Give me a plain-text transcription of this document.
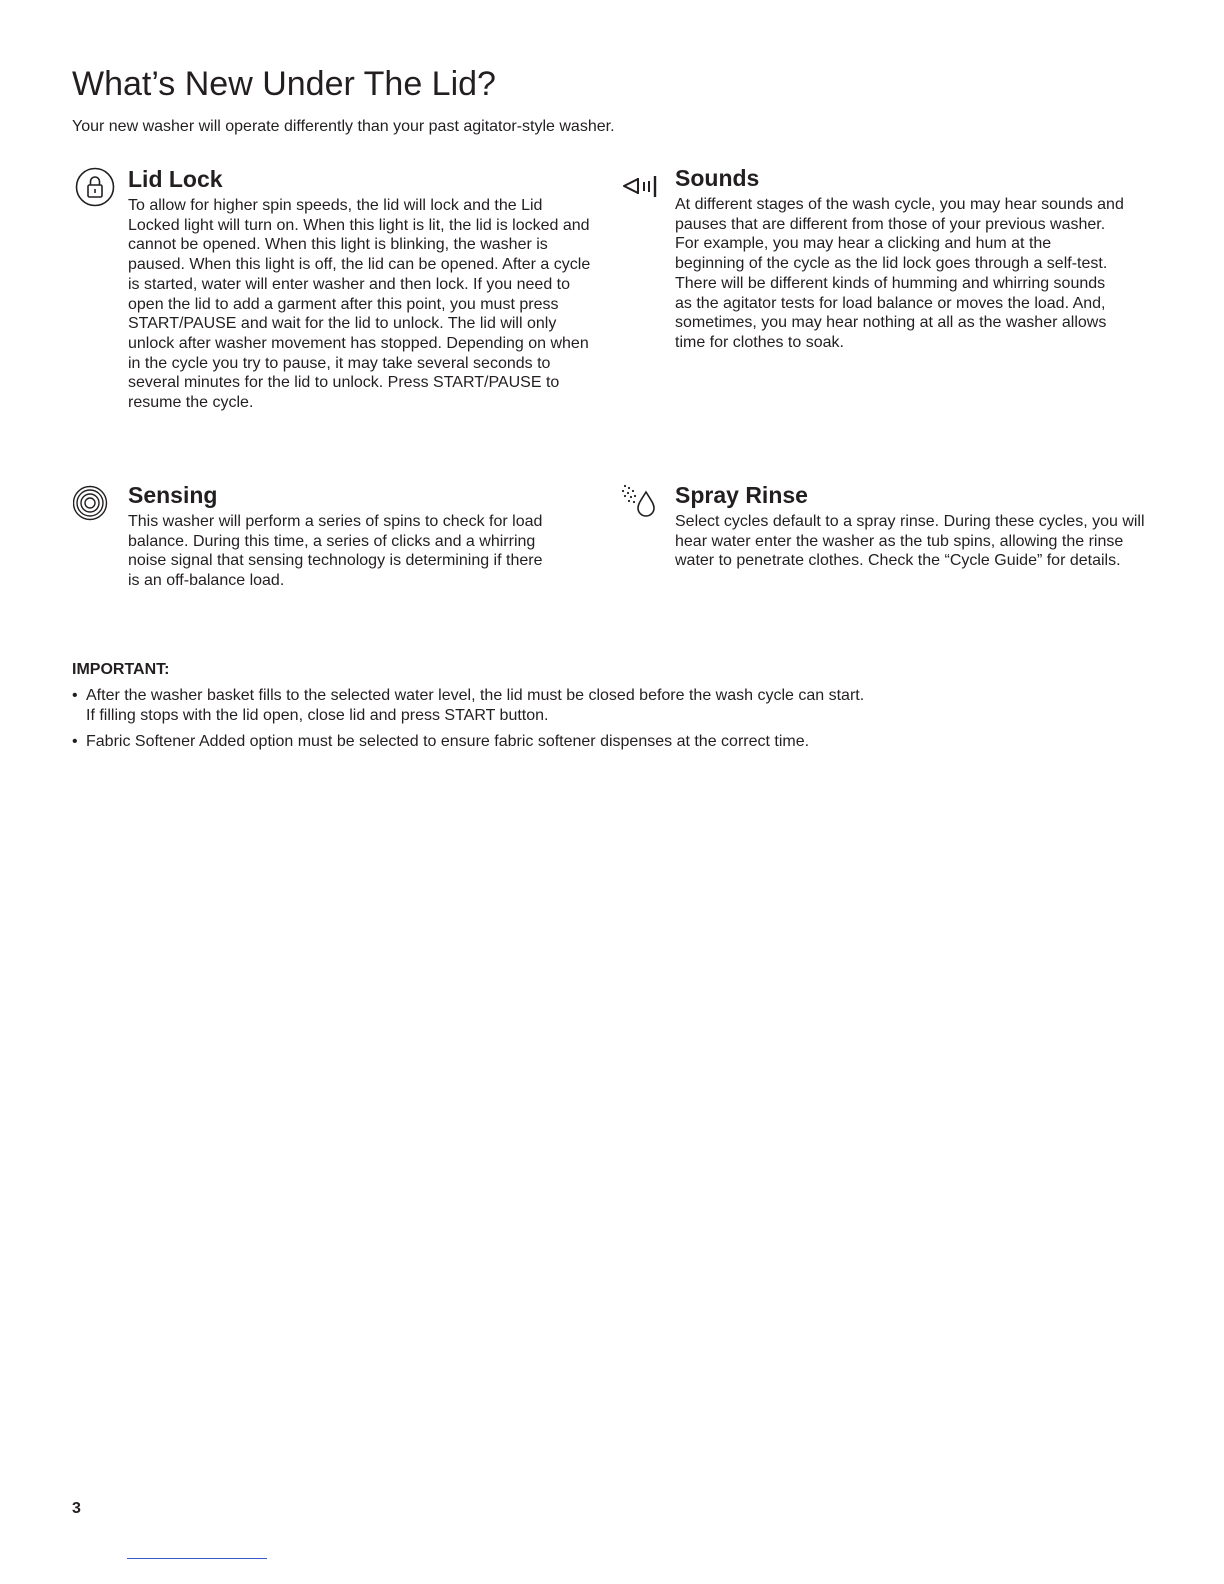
What’s New Under The Lid?

Your new washer will operate differently than your past agitator-style washer.

Lid Lock

To allow for higher spin speeds, the lid will lock and the Lid Locked light will turn on. When this light is lit, the lid is locked and cannot be opened. When this light is blinking, the washer is paused. When this light is off, the lid can be opened. After a cycle is started, water will enter washer and then lock. If you need to open the lid to add a garment after this point, you must press START/PAUSE and wait for the lid to unlock. The lid will only unlock after washer movement has stopped. Depending on when in the cycle you try to pause, it may take several seconds to several minutes for the lid to unlock. Press START/PAUSE to resume the cycle.

Sounds

At different stages of the wash cycle, you may hear sounds and pauses that are different from those of your previous washer. For example, you may hear a clicking and hum at the beginning of the cycle as the lid lock goes through a self-test. There will be different kinds of humming and whirring sounds as the agitator tests for load balance or moves the load. And, sometimes, you may hear nothing at all as the washer allows time for clothes to soak.

Sensing

This washer will perform a series of spins to check for load balance. During this time, a series of clicks and a whirring noise signal that sensing technology is determining if there is an off-balance load.

Spray Rinse

Select cycles default to a spray rinse. During these cycles, you will hear water enter the washer as the tub spins, allowing the rinse water to penetrate clothes. Check the “Cycle Guide” for details.

IMPORTANT:
• After the washer basket fills to the selected water level, the lid must be closed before the wash cycle can start.
If filling stops with the lid open, close lid and press START button.
• Fabric Softener Added option must be selected to ensure fabric softener dispenses at the correct time.
3
